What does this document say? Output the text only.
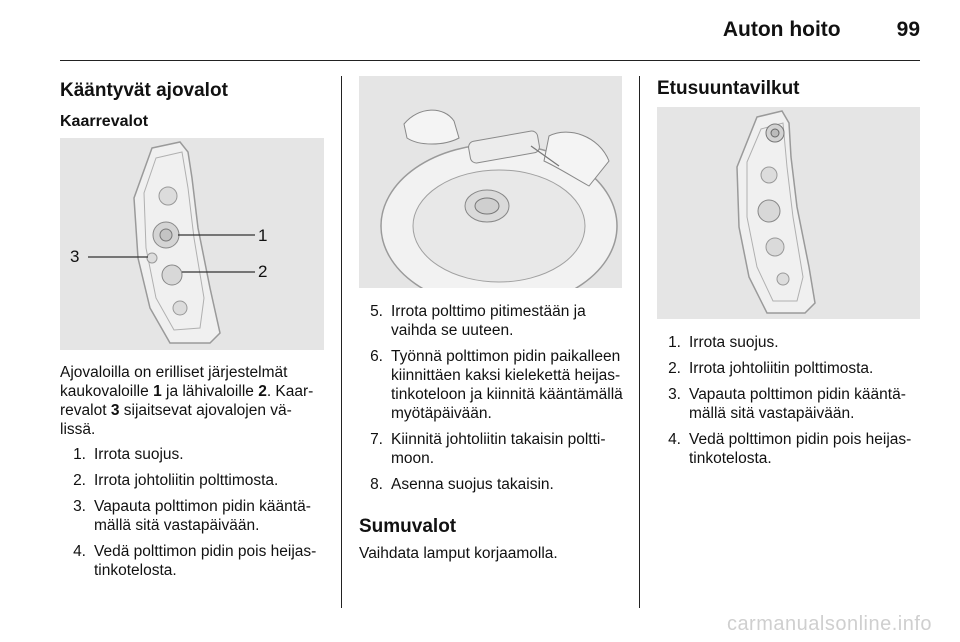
Auton hoito	99
Kääntyvät ajovalot
Kaarrevalot
1
2
3

Ajovaloilla on erilliset järjestelmät
kaukovaloille 1 ja lähivaloille 2. Kaar-
revalot 3 sijaitsevat ajovalojen vä-
lissä.

1. Irrota suojus.
2. Irrota johtoliitin polttimosta.
3. Vapauta polttimon pidin kääntä-
mällä sitä vastapäivään.
4. Vedä polttimon pidin pois heijas-
tinkotelosta.
5. Irrota polttimo pitimestään ja
vaihda se uuteen.
6. Työnnä polttimon pidin paikalleen
kiinnittäen kaksi kielekettä heijas-
tinkoteloon ja kiinnitä kääntämällä
myötäpäivään.
7. Kiinnitä johtoliitin takaisin poltti-
moon.
8. Asenna suojus takaisin.
Sumuvalot

Vaihdata lamput korjaamolla.

Etusuuntavilkut
1. Irrota suojus.
2. Irrota johtoliitin polttimosta.
3. Vapauta polttimon pidin kääntä-
mällä sitä vastapäivään.
4. Vedä polttimon pidin pois heijas-
tinkotelosta.
carmanualsonline.info
